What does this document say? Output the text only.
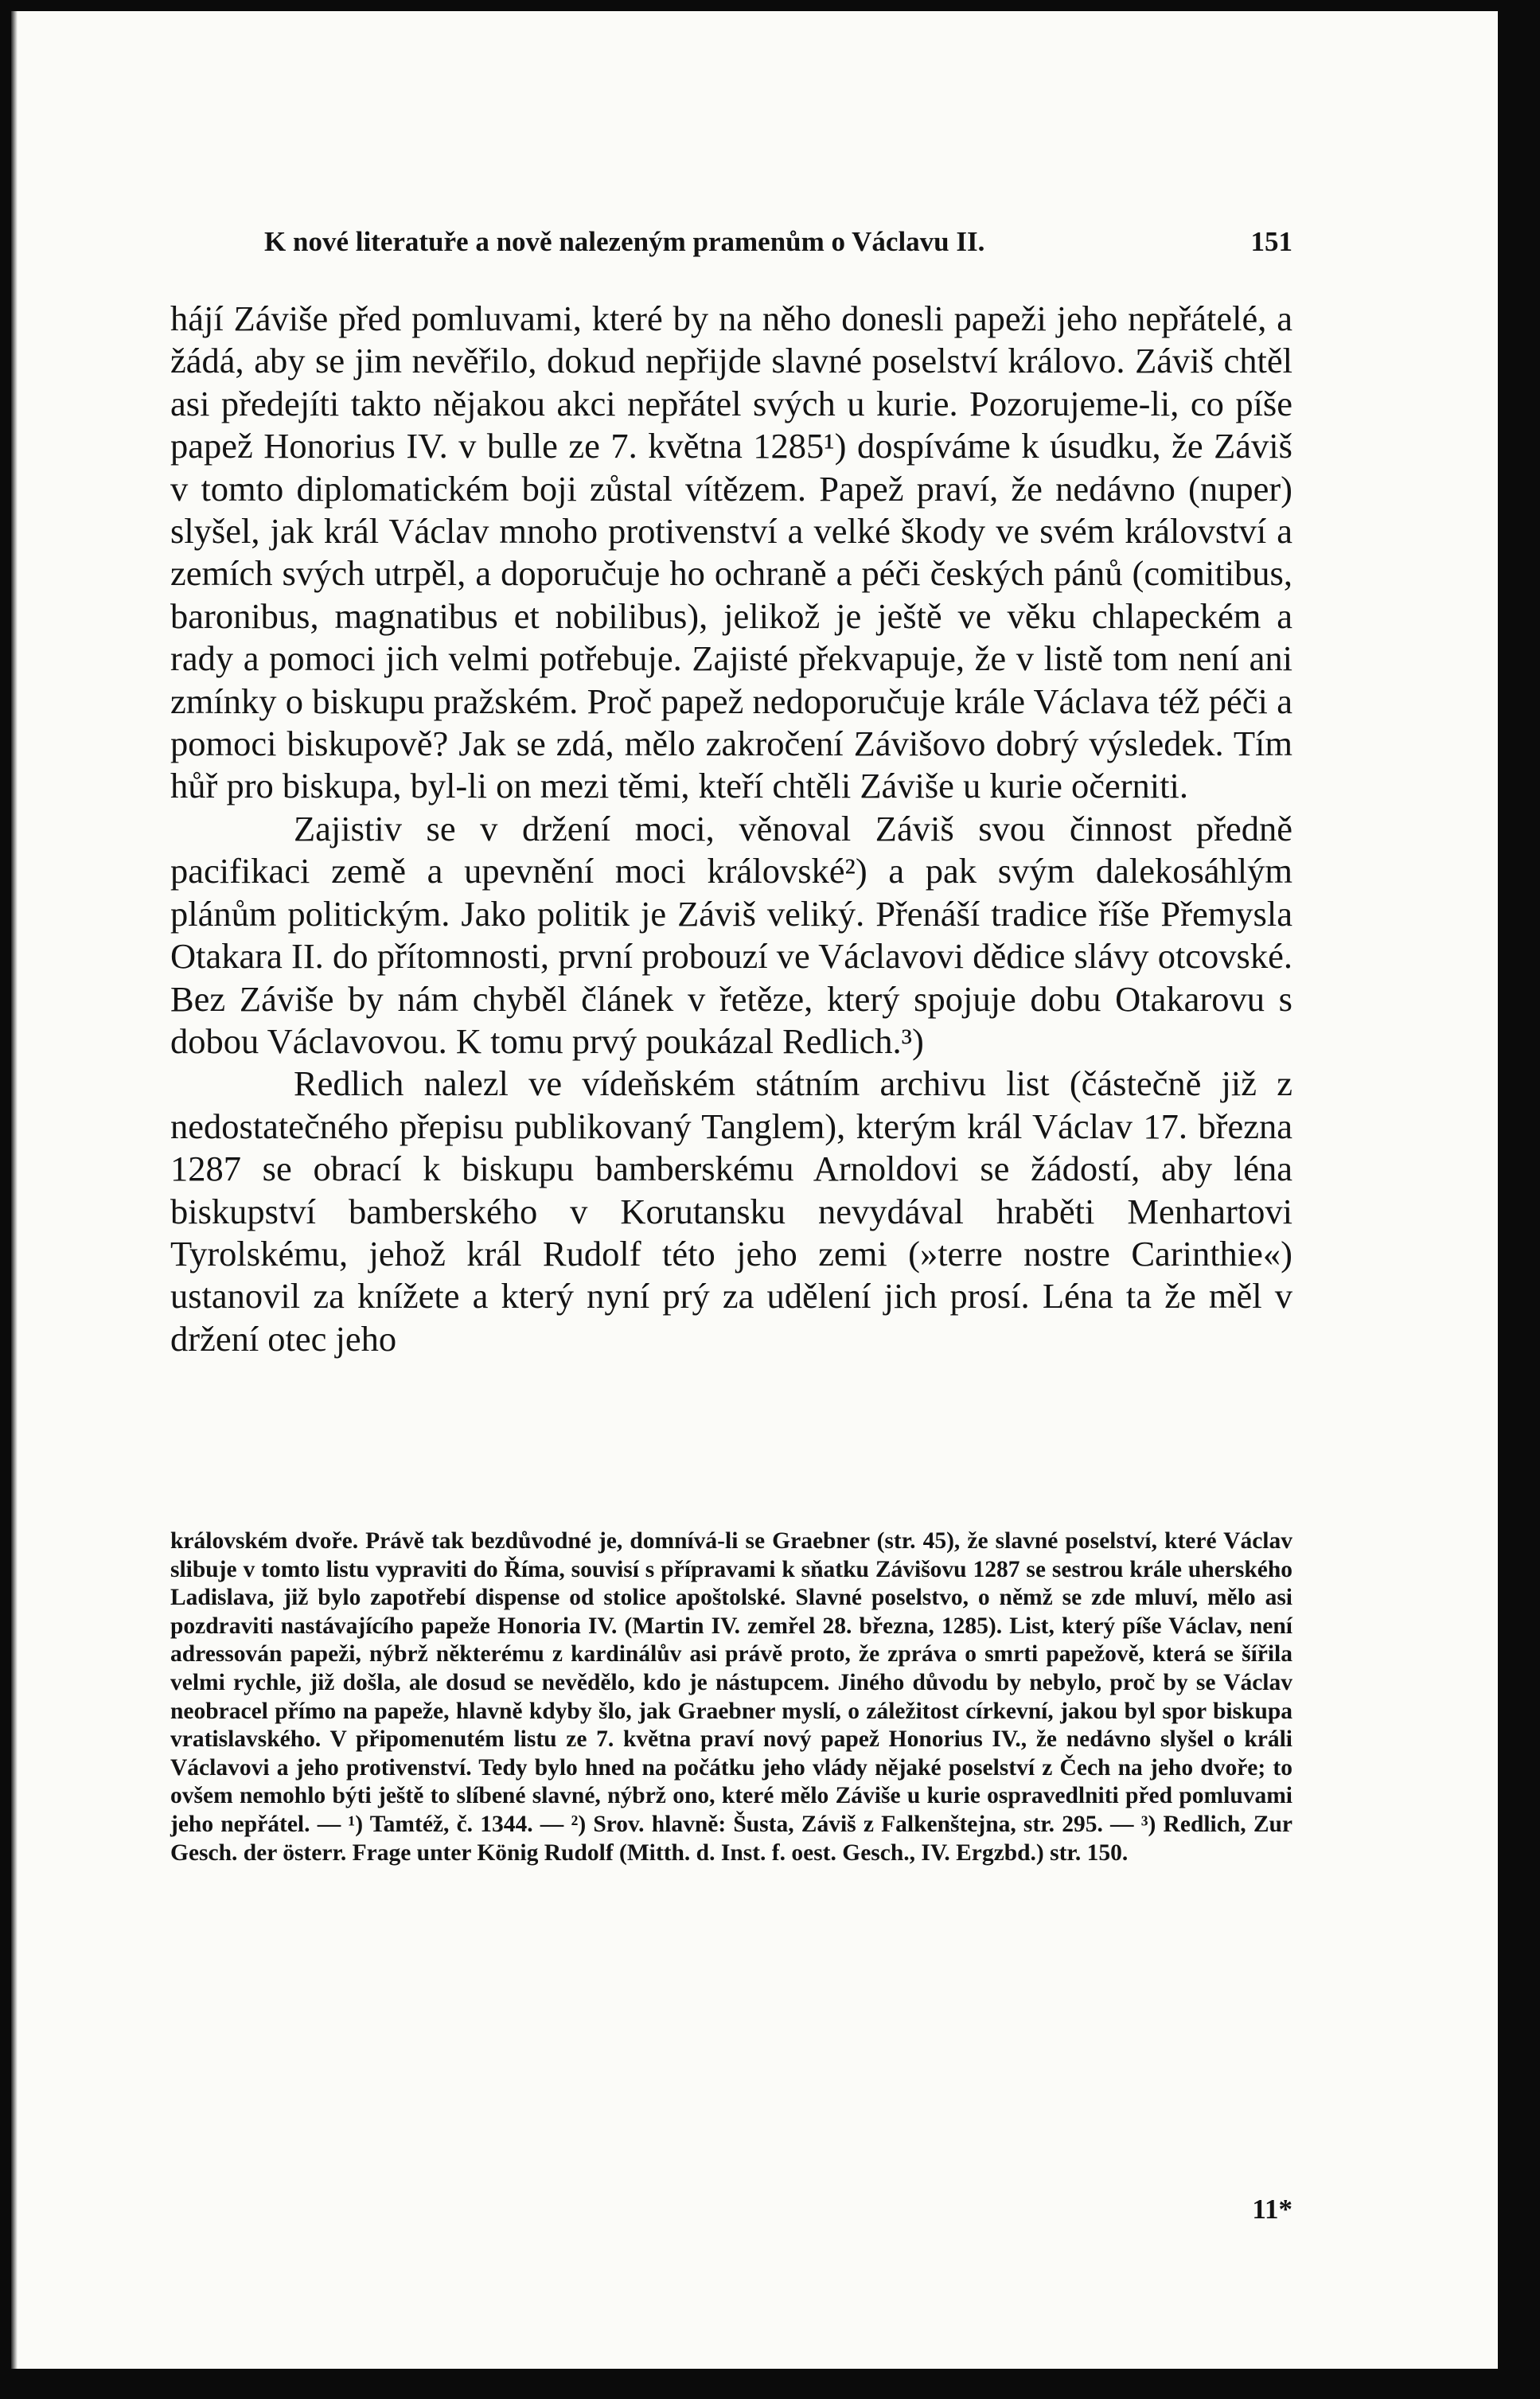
K nové literatuře a nově nalezeným pramenům o Václavu II.	151

hájí Záviše před pomluvami, které by na něho donesli papeži jeho nepřátelé, a žádá, aby se jim nevěřilo, dokud nepřijde slavné poselství královo. Záviš chtěl asi předejíti takto nějakou akci nepřátel svých u kurie. Pozorujeme-li, co píše papež Honorius IV. v bulle ze 7. května 1285¹) dospíváme k úsudku, že Záviš v tomto diplomatickém boji zůstal vítězem. Papež praví, že nedávno (nuper) slyšel, jak král Václav mnoho protivenství a velké škody ve svém království a zemích svých utrpěl, a doporučuje ho ochraně a péči českých pánů (comitibus, baronibus, magnatibus et nobilibus), jelikož je ještě ve věku chlapeckém a rady a pomoci jich velmi potřebuje. Zajisté překvapuje, že v listě tom není ani zmínky o biskupu pražském. Proč papež nedoporučuje krále Václava též péči a pomoci biskupově? Jak se zdá, mělo zakročení Závišovo dobrý výsledek. Tím hůř pro biskupa, byl-li on mezi těmi, kteří chtěli Záviše u kurie očerniti.

Zajistiv se v držení moci, věnoval Záviš svou činnost předně pacifikaci země a upevnění moci královské²) a pak svým dalekosáhlým plánům politickým. Jako politik je Záviš veliký. Přenáší tradice říše Přemysla Otakara II. do přítomnosti, první probouzí ve Václavovi dědice slávy otcovské. Bez Záviše by nám chyběl článek v řetěze, který spojuje dobu Otakarovu s dobou Václavovou. K tomu prvý poukázal Redlich.³)

Redlich nalezl ve vídeňském státním archivu list (částečně již z nedostatečného přepisu publikovaný Tanglem), kterým král Václav 17. března 1287 se obrací k biskupu bamberskému Arnoldovi se žádostí, aby léna biskupství bamberského v Korutansku nevydával hraběti Menhartovi Tyrolskému, jehož král Rudolf této jeho zemi (»terre nostre Carinthie«) ustanovil za knížete a který nyní prý za udělení jich prosí. Léna ta že měl v držení otec jeho

královském dvoře. Právě tak bezdůvodné je, domnívá-li se Graebner (str. 45), že slavné poselství, které Václav slibuje v tomto listu vypraviti do Říma, souvisí s přípravami k sňatku Závišovu 1287 se sestrou krále uherského Ladislava, již bylo zapotřebí dispense od stolice apoštolské. Slavné poselstvo, o němž se zde mluví, mělo asi pozdraviti nastávajícího papeže Honoria IV. (Martin IV. zemřel 28. března, 1285). List, který píše Václav, není adressován papeži, nýbrž některému z kardinálův asi právě proto, že zpráva o smrti papežově, která se šířila velmi rychle, již došla, ale dosud se nevědělo, kdo je nástupcem. Jiného důvodu by nebylo, proč by se Václav neobracel přímo na papeže, hlavně kdyby šlo, jak Graebner myslí, o záležitost církevní, jakou byl spor biskupa vratislavského. V připomenutém listu ze 7. května praví nový papež Honorius IV., že nedávno slyšel o králi Václavovi a jeho protivenství. Tedy bylo hned na počátku jeho vlády nějaké poselství z Čech na jeho dvoře; to ovšem nemohlo býti ještě to slíbené slavné, nýbrž ono, které mělo Záviše u kurie ospravedlniti před pomluvami jeho nepřátel. — ¹) Tamtéž, č. 1344. — ²) Srov. hlavně: Šusta, Záviš z Falkenštejna, str. 295. — ³) Redlich, Zur Gesch. der österr. Frage unter König Rudolf (Mitth. d. Inst. f. oest. Gesch., IV. Ergzbd.) str. 150.

11*
